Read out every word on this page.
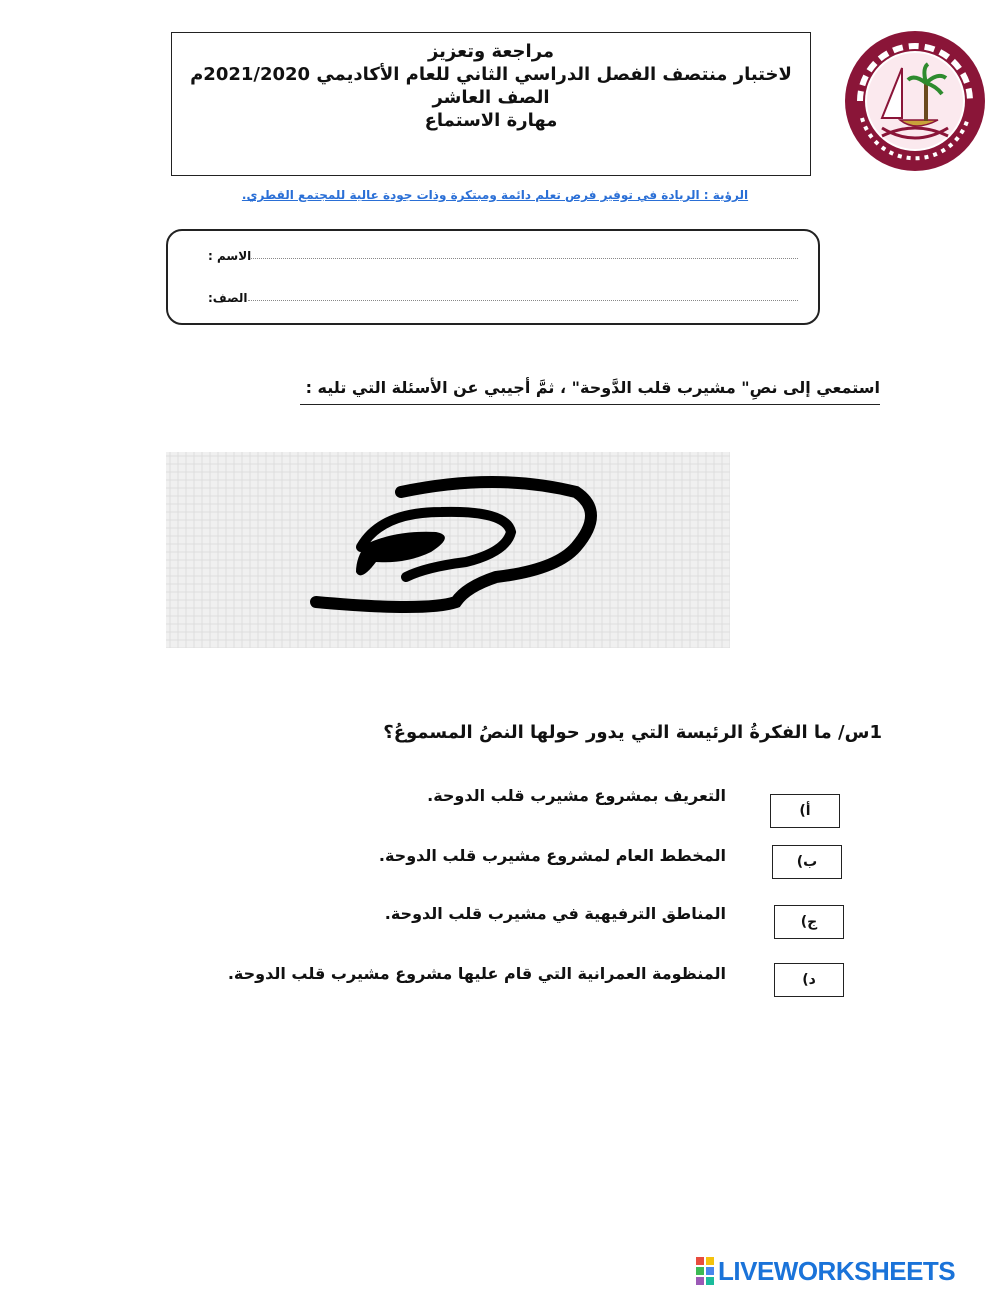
مراجعة وتعزيز
لاختبار منتصف الفصل الدراسي الثاني للعام الأكاديمي 2021/2020م
الصف العاشر
مهارة الاستماع
الرؤية : الريادة في توفير فرص تعلم دائمة ومبتكرة وذات جودة عالية للمجتمع القطري.
الاسم :
الصف:
استمعي إلى نصِ" مشيرب قلب الدَّوحة" ، ثمَّ أجيبي عن الأسئلة التي تليه :
1س/ ما الفكرةُ الرئيسة التي يدور حولها النصُ المسموعُ؟
أ)
التعريف بمشروع مشيرب قلب الدوحة.
ب)
المخطط العام لمشروع مشيرب قلب الدوحة.
ج)
المناطق الترفيهية في مشيرب قلب الدوحة.
د)
المنظومة العمرانية التي قام عليها مشروع مشيرب قلب الدوحة.
LIVEWORKSHEETS
